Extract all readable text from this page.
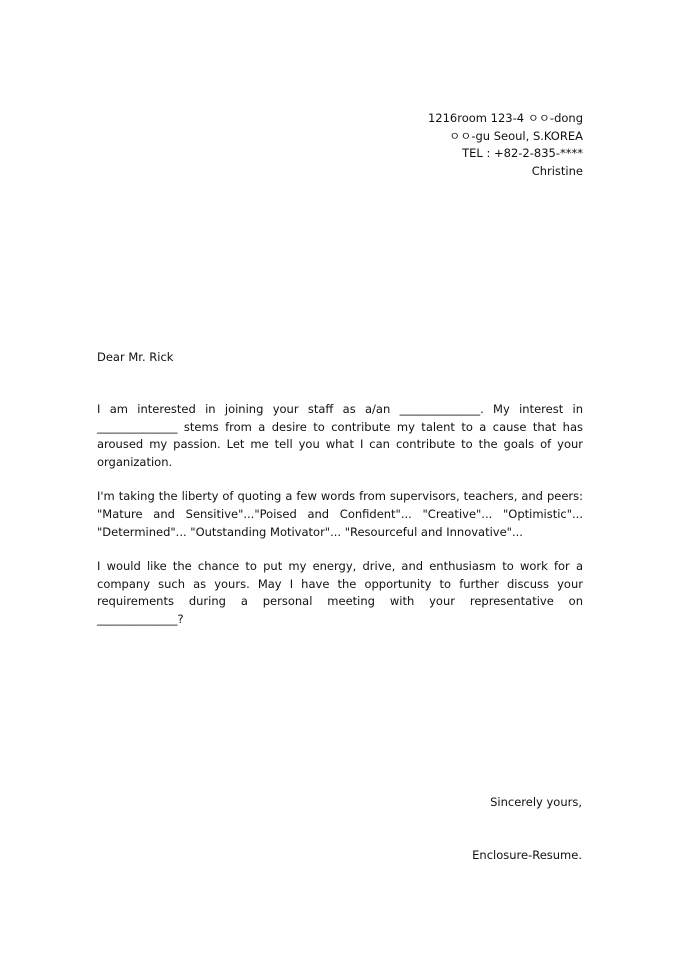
1216room 123-4 ㅇㅇ-dong
ㅇㅇ-gu Seoul, S.KOREA
TEL : +82-2-835-****
Christine
Dear Mr. Rick

I am interested in joining your staff as a/an ______________. My interest in ______________ stems from a desire to contribute my talent to a cause that has aroused my passion. Let me tell you what I can contribute to the goals of your organization.

I'm taking the liberty of quoting a few words from supervisors, teachers, and peers: "Mature and Sensitive"..."Poised and Confident"... "Creative"... "Optimistic"... "Determined"... "Outstanding Motivator"... "Resourceful and Innovative"...

I would like the chance to put my energy, drive, and enthusiasm to work for a company such as yours. May I have the opportunity to further discuss your requirements during a personal meeting with your representative on ______________?

Sincerely yours,
Enclosure-Resume.
